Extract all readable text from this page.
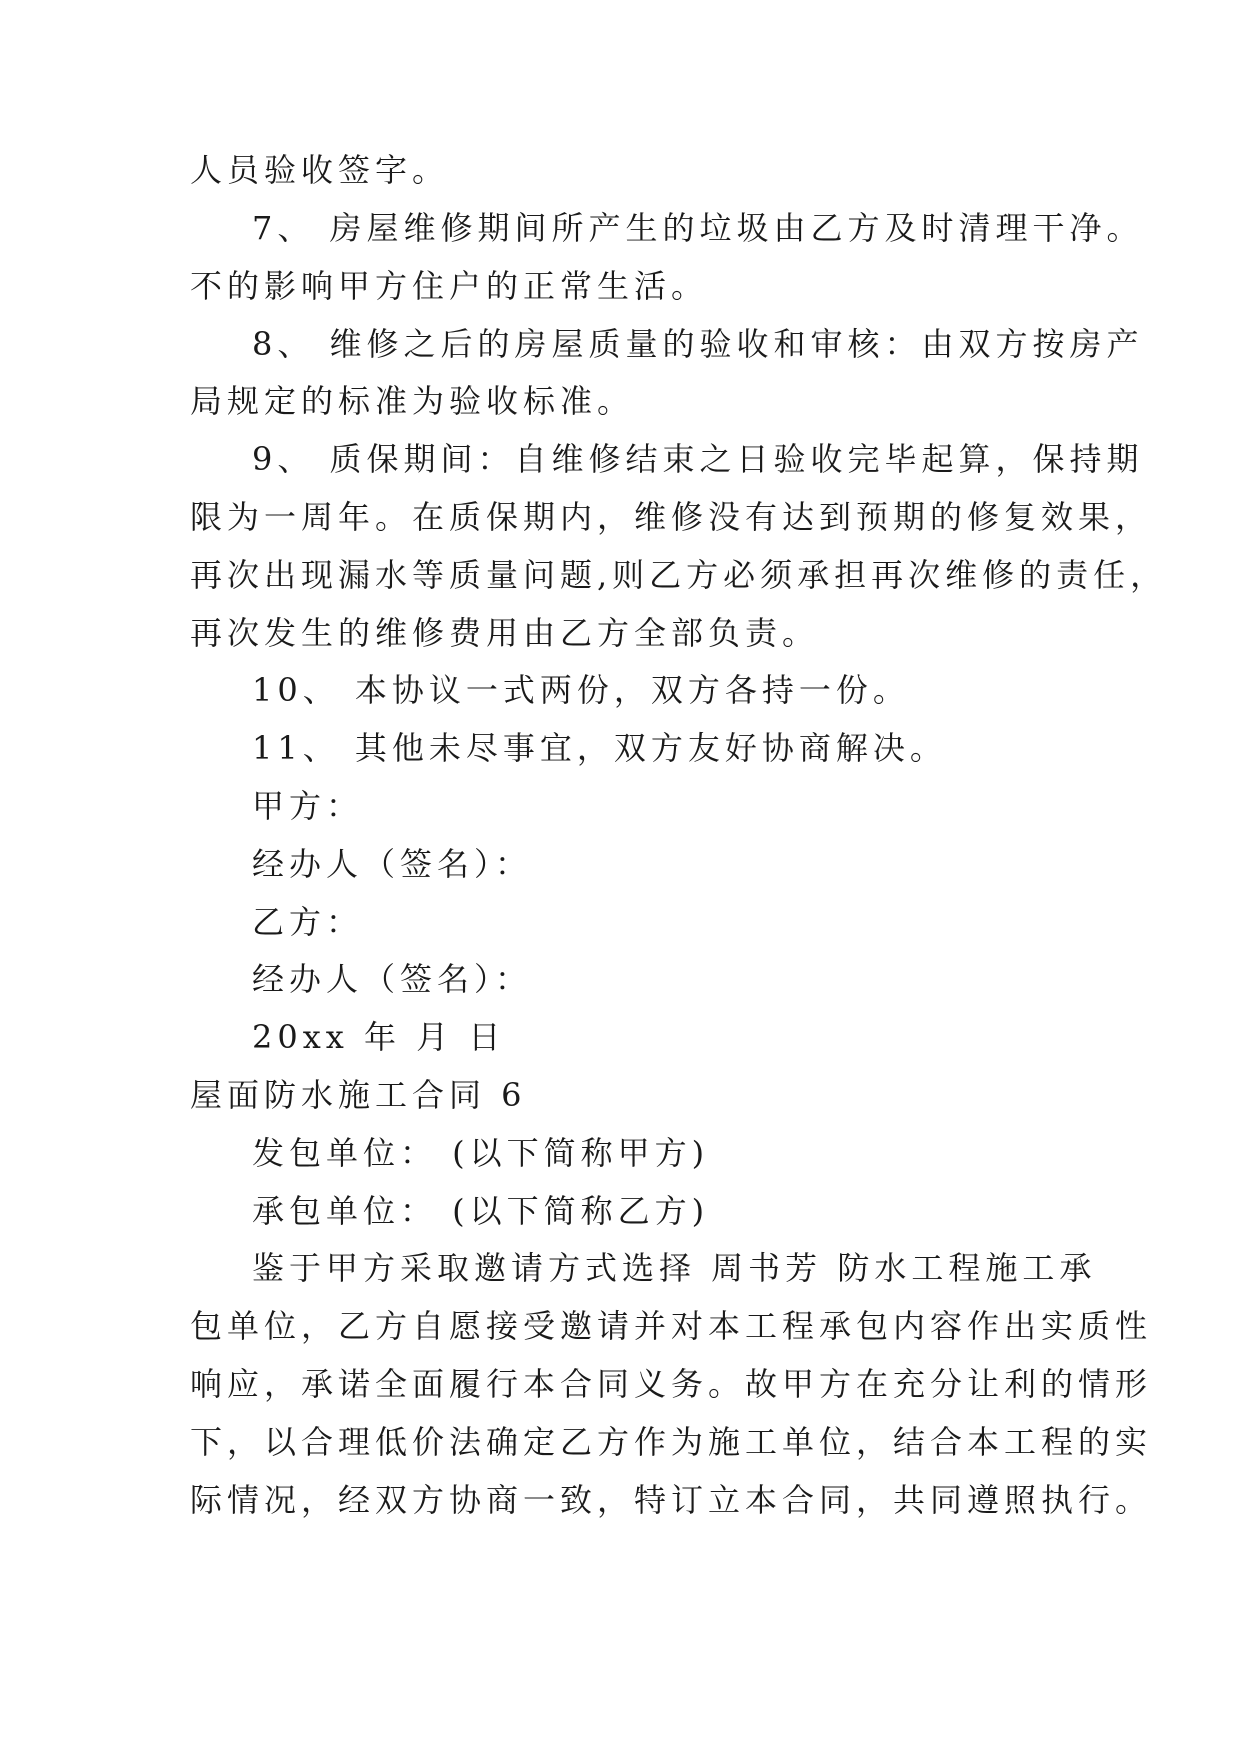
人员验收签字。
7、 房屋维修期间所产生的垃圾由乙方及时清理干净。
不的影响甲方住户的正常生活。
8、 维修之后的房屋质量的验收和审核：由双方按房产
局规定的标准为验收标准。
9、 质保期间：自维修结束之日验收完毕起算，保持期
限为一周年。在质保期内，维修没有达到预期的修复效果，
再次出现漏水等质量问题,则乙方必须承担再次维修的责任，
再次发生的维修费用由乙方全部负责。
10、 本协议一式两份，双方各持一份。
11、 其他未尽事宜，双方友好协商解决。
甲方：
经办人（签名）：
乙方：
经办人（签名）：
20xx 年 月 日
屋面防水施工合同 6
发包单位： (以下简称甲方)
承包单位： (以下简称乙方)
鉴于甲方采取邀请方式选择 周书芳 防水工程施工承
包单位，乙方自愿接受邀请并对本工程承包内容作出实质性
响应，承诺全面履行本合同义务。故甲方在充分让利的情形
下，以合理低价法确定乙方作为施工单位，结合本工程的实
际情况，经双方协商一致，特订立本合同，共同遵照执行。
